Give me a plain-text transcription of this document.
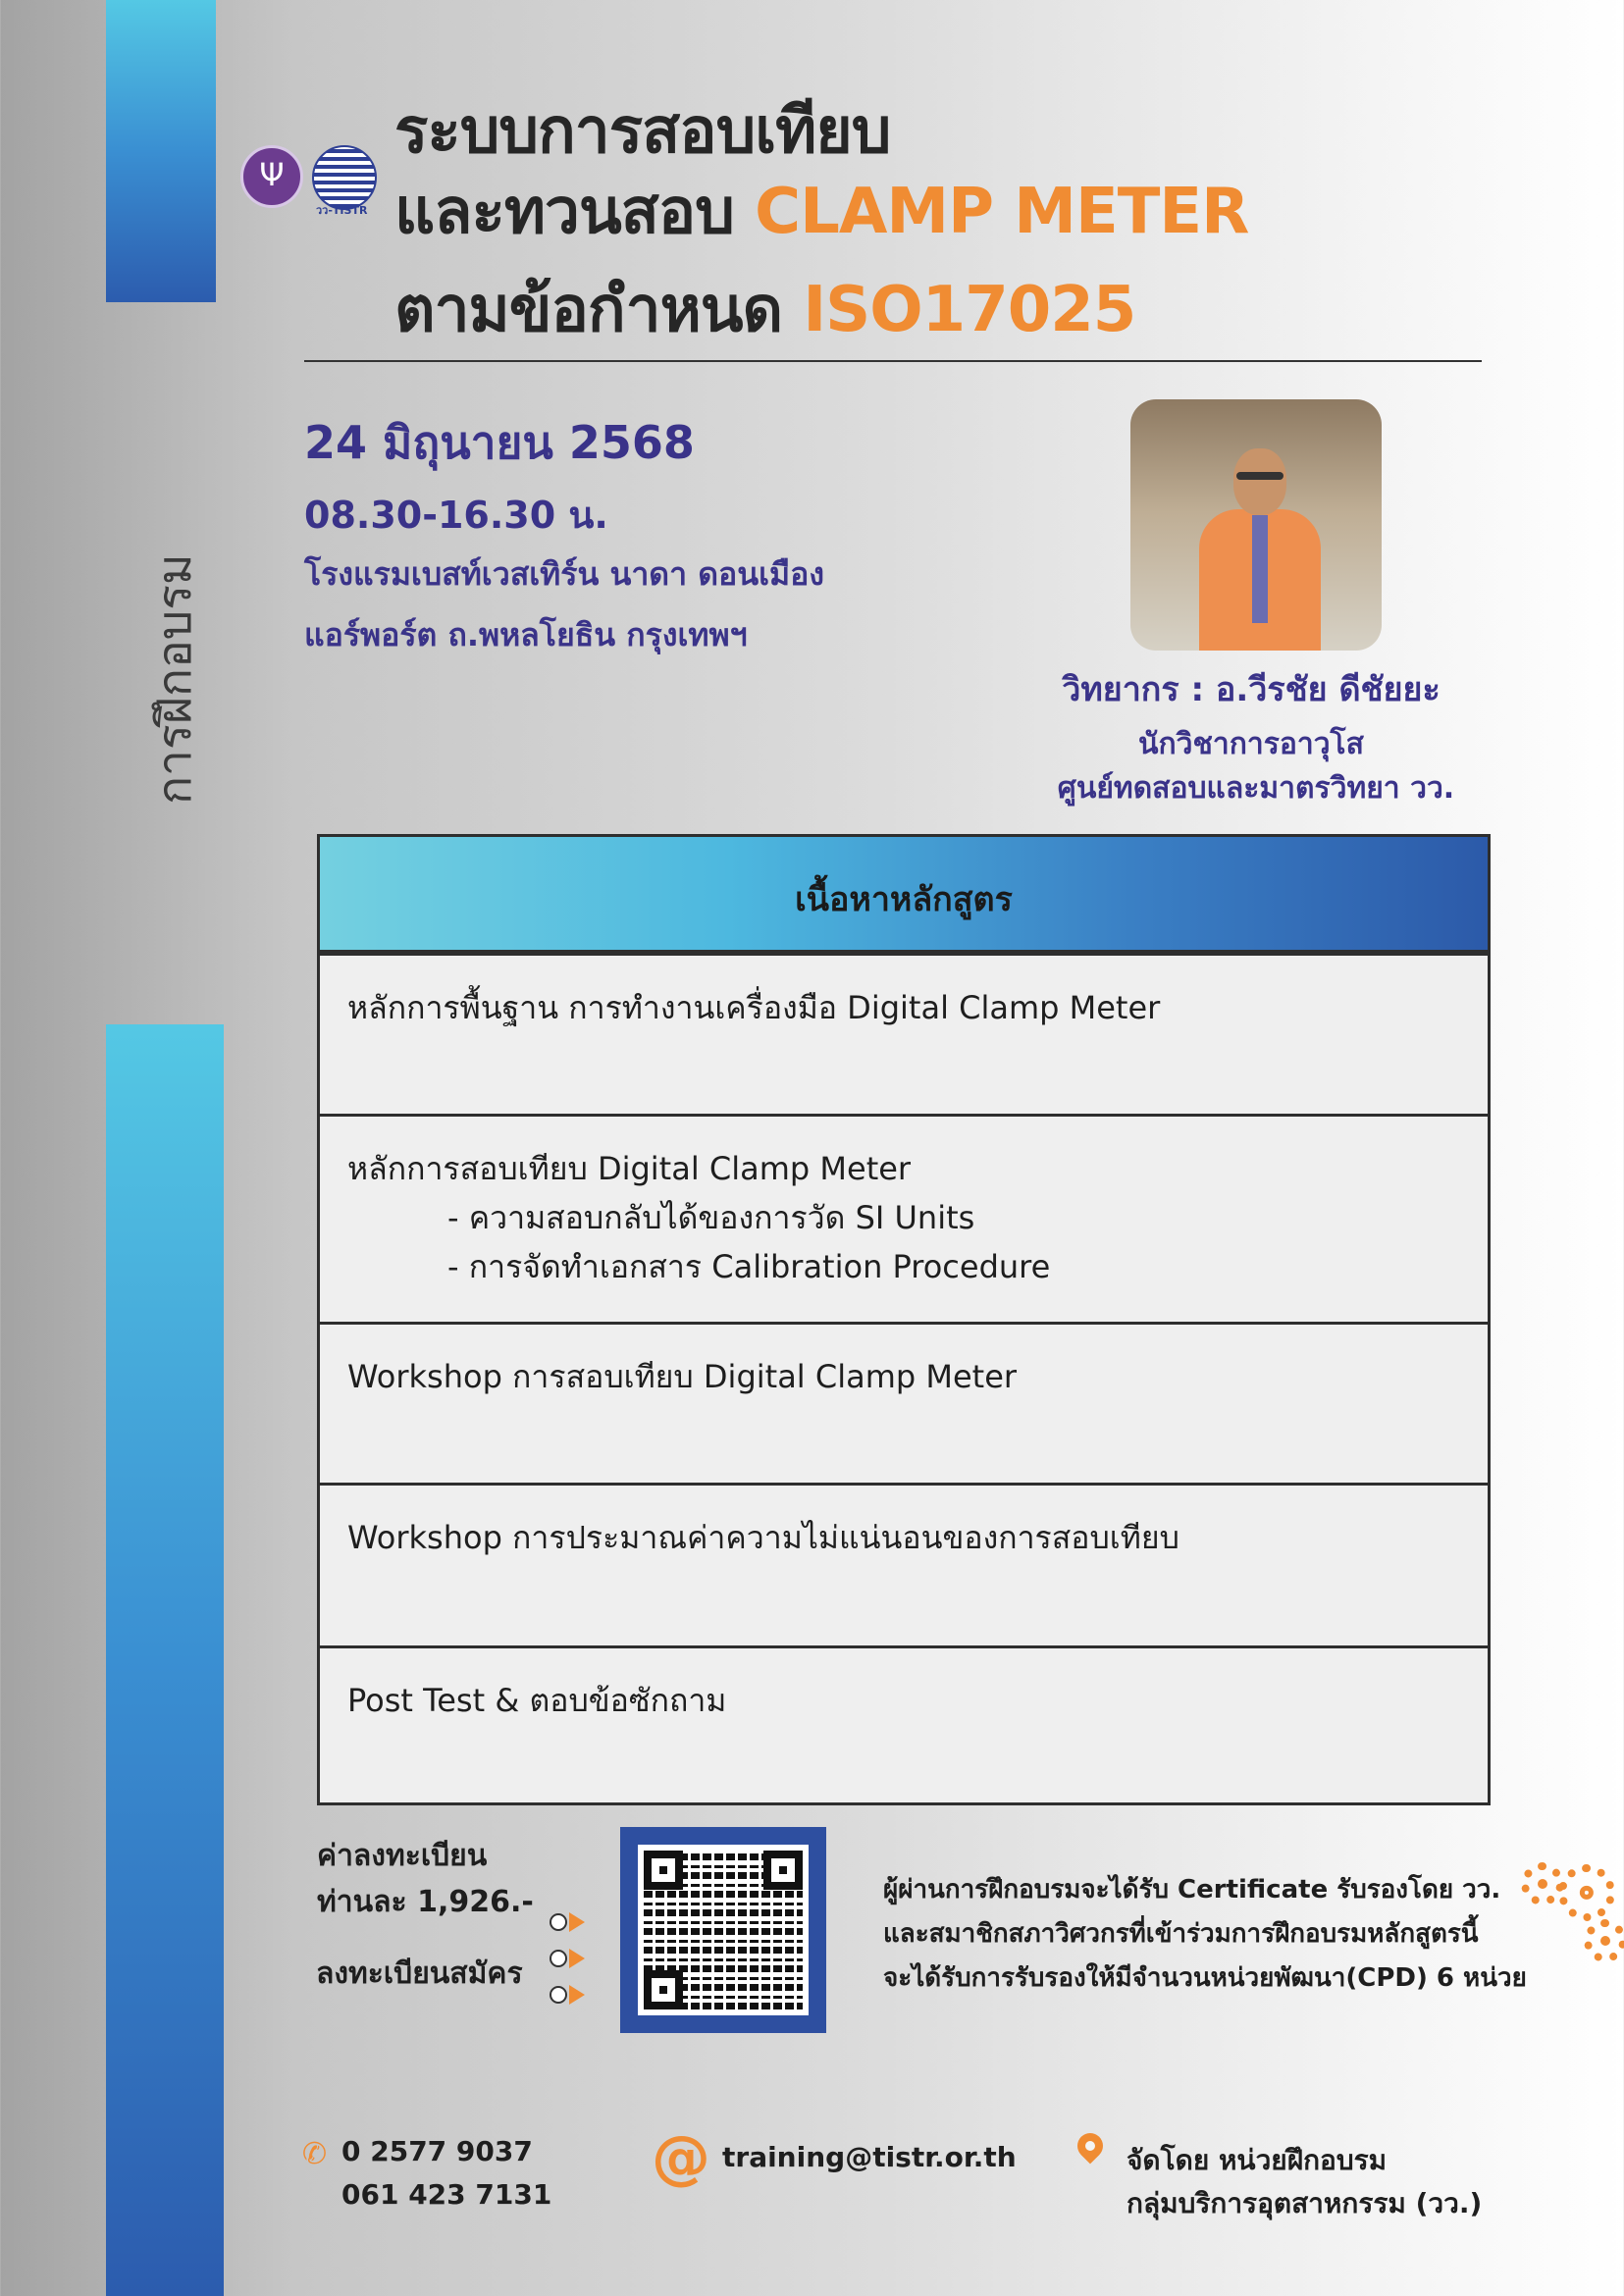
การฝึกอบรม
Ψ
วว-TISTR
ระบบการสอบเทียบ
และทวนสอบ CLAMP METER
ตามข้อกำหนด ISO17025
24 มิถุนายน 2568
08.30-16.30 น.
โรงแรมเบสท์เวสเทิร์น นาดา ดอนเมือง
แอร์พอร์ต ถ.พหลโยธิน กรุงเทพฯ
วิทยากร : อ.วีรชัย ดีชัยยะ
นักวิชาการอาวุโส
ศูนย์ทดสอบและมาตรวิทยา วว.
เนื้อหาหลักสูตร
หลักการพื้นฐาน การทำงานเครื่องมือ Digital Clamp Meter
หลักการสอบเทียบ Digital Clamp Meter
- ความสอบกลับได้ของการวัด SI Units
- การจัดทำเอกสาร Calibration Procedure
Workshop การสอบเทียบ Digital Clamp Meter
Workshop การประมาณค่าความไม่แน่นอนของการสอบเทียบ
Post Test & ตอบข้อซักถาม
ค่าลงทะเบียน
ท่านละ 1,926.-
ลงทะเบียนสมัคร
ผู้ผ่านการฝึกอบรมจะได้รับ Certificate รับรองโดย วว.
และสมาชิกสภาวิศวกรที่เข้าร่วมการฝึกอบรมหลักสูตรนี้
จะได้รับการรับรองให้มีจำนวนหน่วยพัฒนา(CPD) 6 หน่วย
✆ 0 2577 9037
061 423 7131
@ training@tistr.or.th	จัดโดย หน่วยฝึกอบรม
กลุ่มบริการอุตสาหกรรม (วว.)
